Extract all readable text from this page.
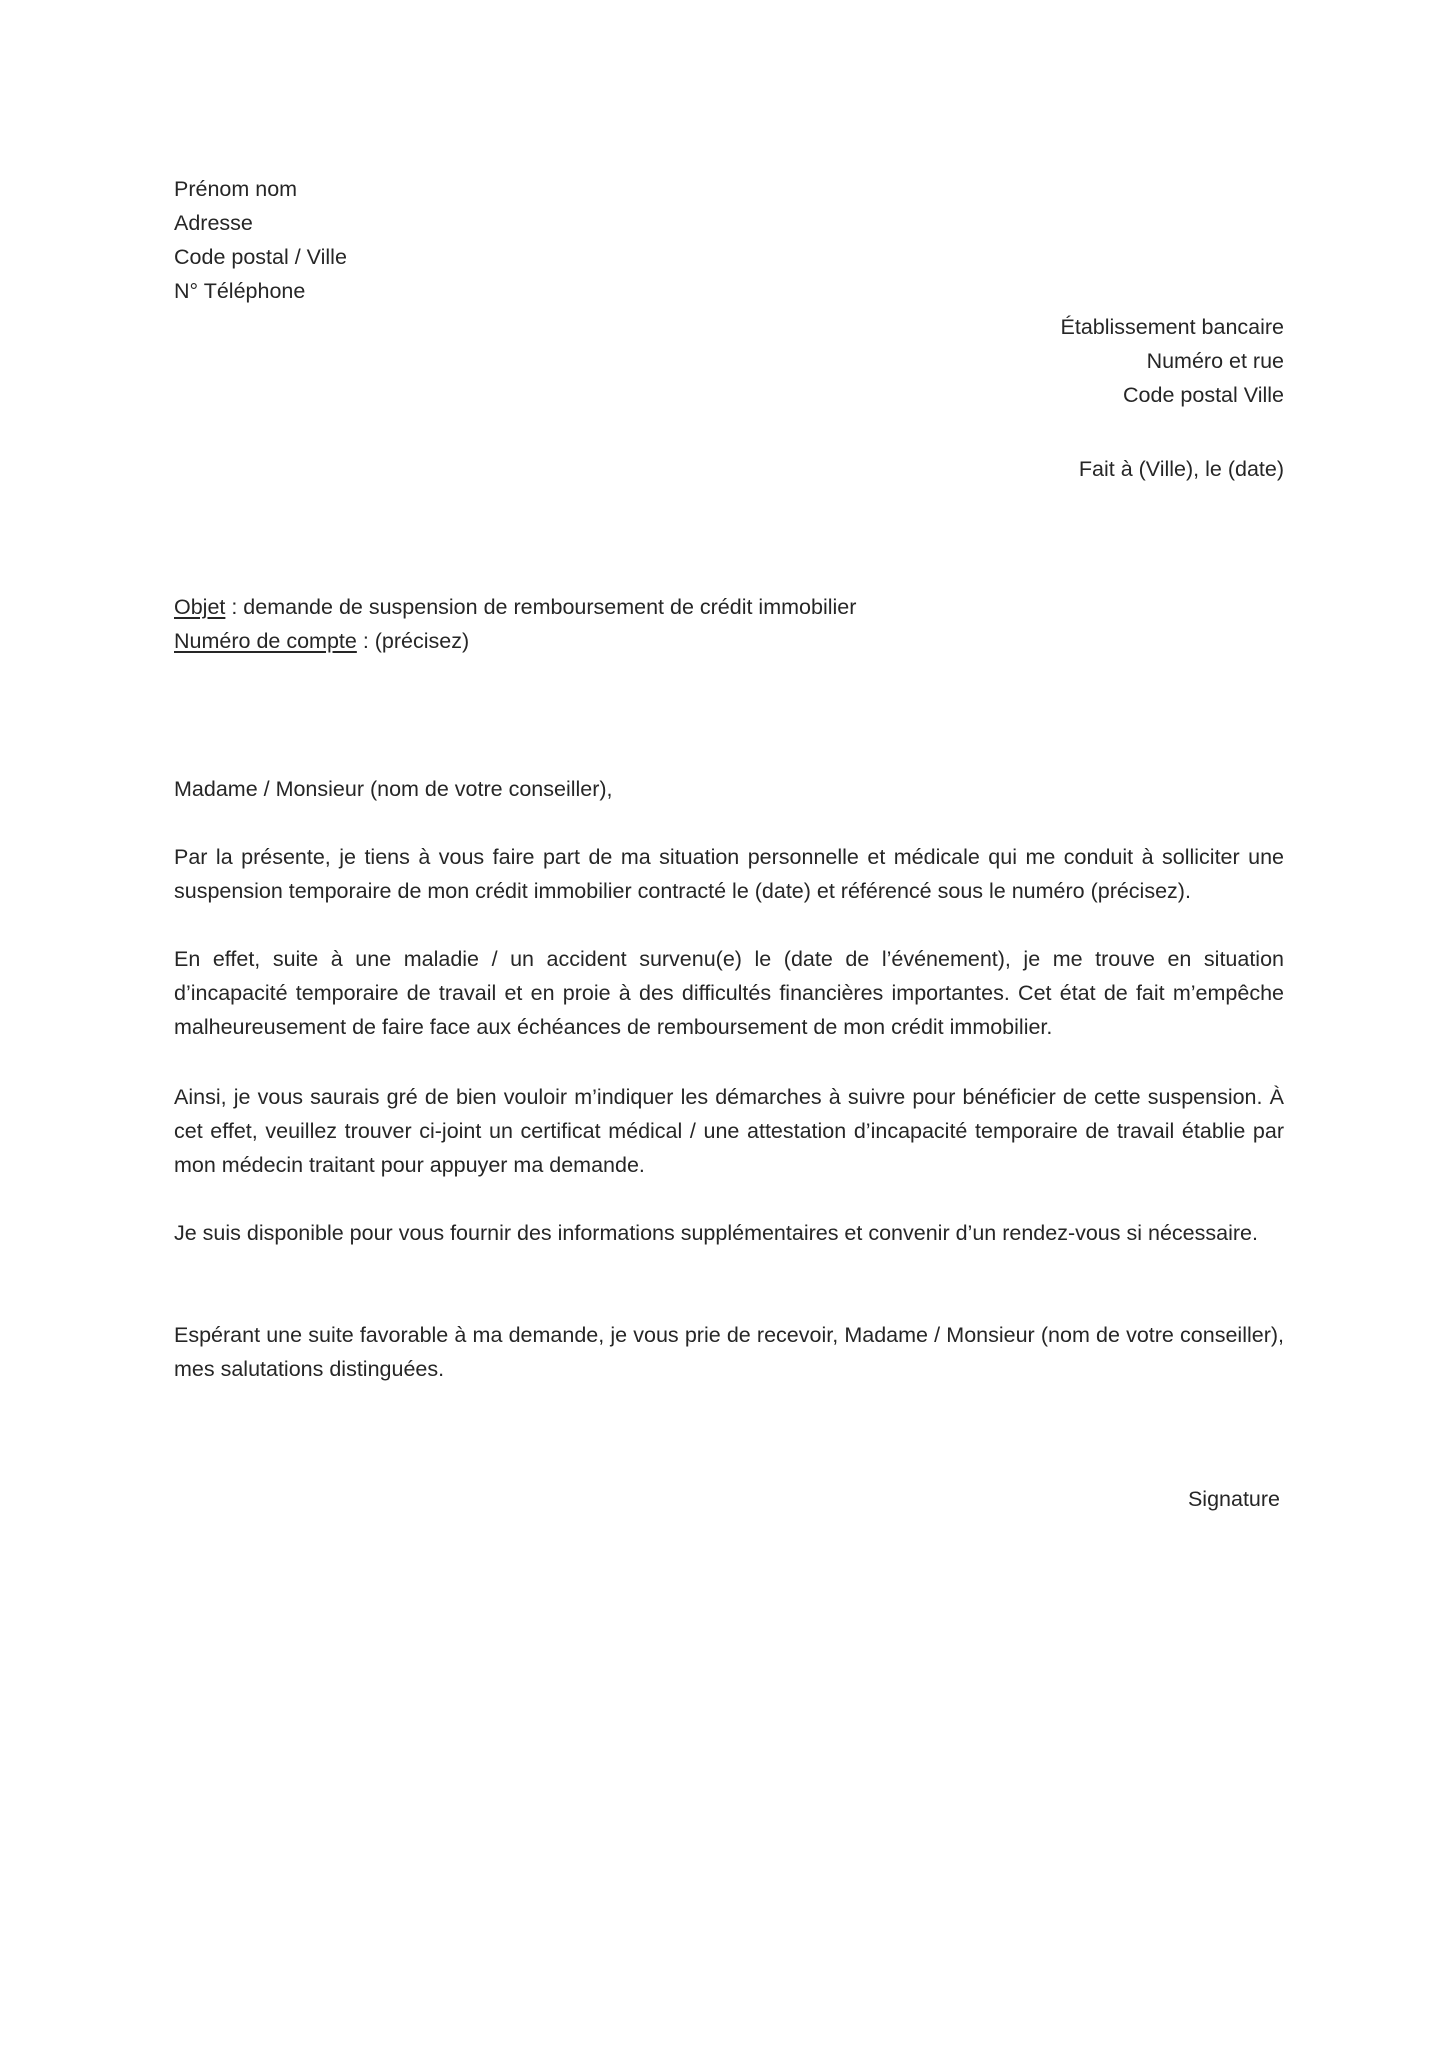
Prénom nom
Adresse
Code postal / Ville
N° Téléphone
Établissement bancaire
Numéro et rue
Code postal Ville
Fait à (Ville), le (date)
Objet : demande de suspension de remboursement de crédit immobilier
Numéro de compte : (précisez)
Madame / Monsieur (nom de votre conseiller),

Par la présente, je tiens à vous faire part de ma situation personnelle et médicale qui me conduit à solliciter une suspension temporaire de mon crédit immobilier contracté le (date) et référencé sous le numéro (précisez).

En effet, suite à une maladie / un accident survenu(e) le (date de l’événement), je me trouve en situation d’incapacité temporaire de travail et en proie à des difficultés financières importantes. Cet état de fait m’empêche malheureusement de faire face aux échéances de remboursement de mon crédit immobilier.

Ainsi, je vous saurais gré de bien vouloir m’indiquer les démarches à suivre pour bénéficier de cette suspension. À cet effet, veuillez trouver ci-joint un certificat médical / une attestation d’incapacité temporaire de travail établie par mon médecin traitant pour appuyer ma demande.

Je suis disponible pour vous fournir des informations supplémentaires et convenir d’un rendez-vous si nécessaire.

Espérant une suite favorable à ma demande, je vous prie de recevoir, Madame / Monsieur (nom de votre conseiller), mes salutations distinguées.

Signature
